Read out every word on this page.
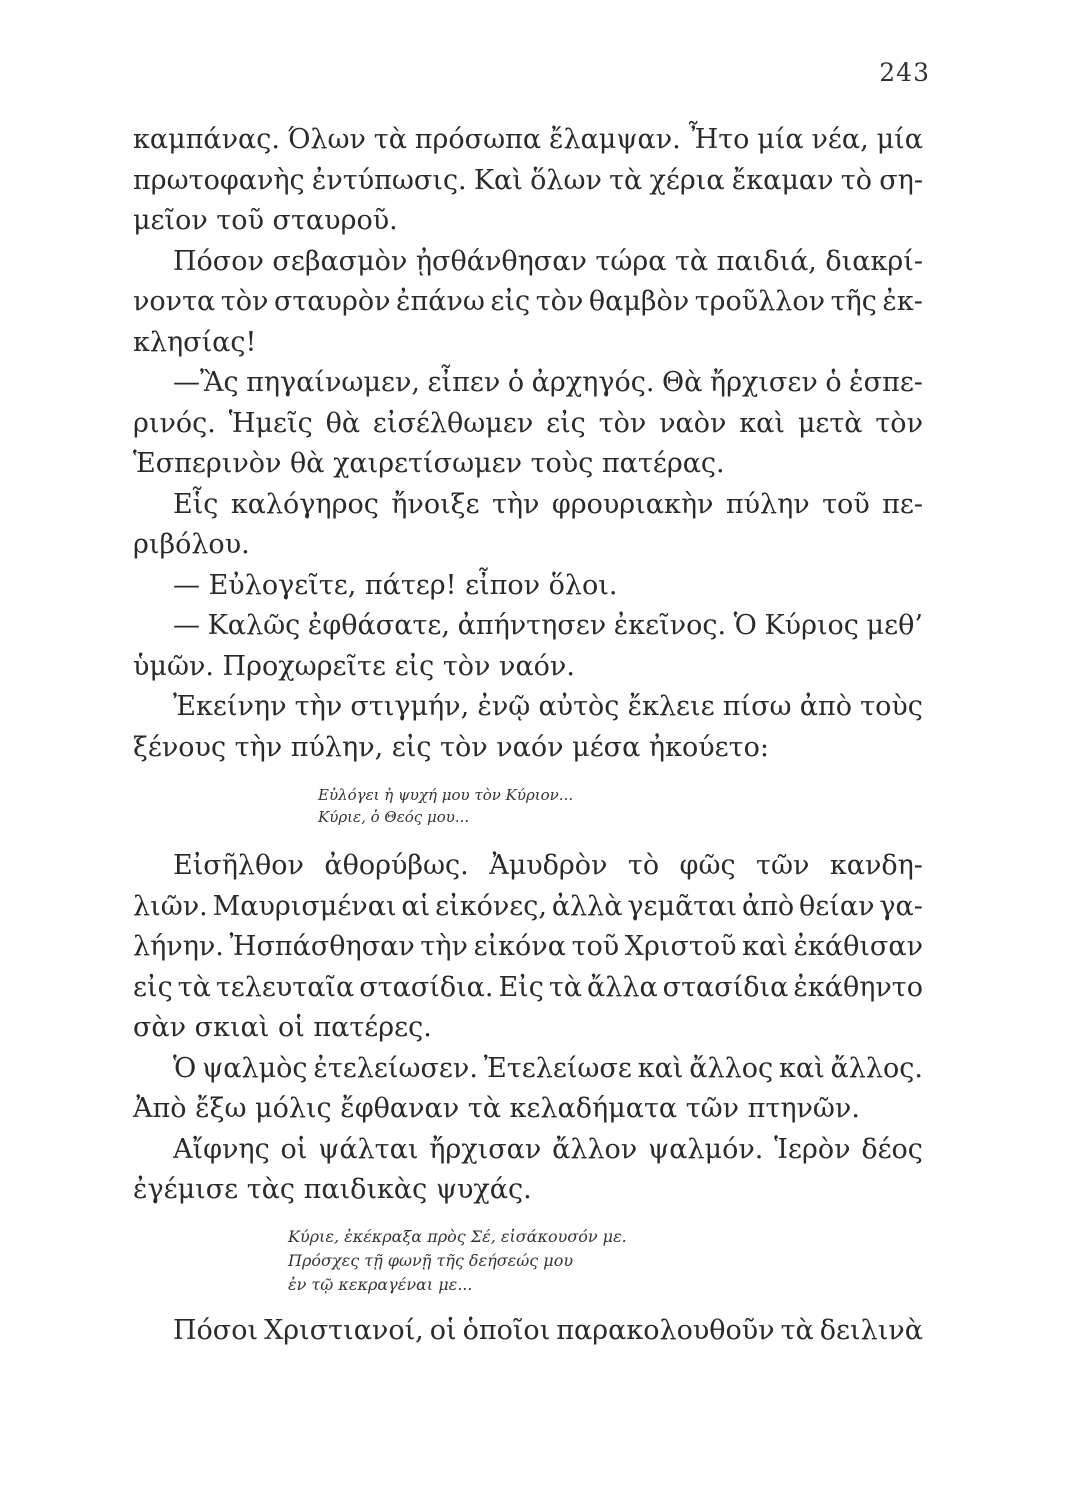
243
καμπάνας. Όλων τὰ πρόσωπα ἔλαμψαν. Ἦτο μία νέα, μία
πρωτοφανὴς ἐντύπωσις. Καὶ ὅλων τὰ χέρια ἔκαμαν τὸ ση-
μεῖον τοῦ σταυροῦ.
Πόσον σεβασμὸν ᾐσθάνθησαν τώρα τὰ παιδιά, διακρί-
νοντα τὸν σταυρὸν ἐπάνω εἰς τὸν θαμβὸν τροῦλλον τῆς ἐκ-
κλησίας!
—Ἂς πηγαίνωμεν, εἶπεν ὁ ἀρχηγός. Θὰ ἤρχισεν ὁ ἑσπε-
ρινός. Ἡμεῖς θὰ εἰσέλθωμεν εἰς τὸν ναὸν καὶ μετὰ τὸν
Ἑσπερινὸν θὰ χαιρετίσωμεν τοὺς πατέρας.
Εἷς καλόγηρος ἤνοιξε τὴν φρουριακὴν πύλην τοῦ πε-
ριβόλου.
— Εὐλογεῖτε, πάτερ! εἶπον ὅλοι.
— Καλῶς ἐφθάσατε, ἀπήντησεν ἐκεῖνος. Ὁ Κύριος μεθ’
ὑμῶν. Προχωρεῖτε εἰς τὸν ναόν.
Ἐκείνην τὴν στιγμήν, ἐνῷ αὐτὸς ἔκλειε πίσω ἀπὸ τοὺς
ξένους τὴν πύλην, εἰς τὸν ναόν μέσα ἠκούετο:
Εὐλόγει ἡ ψυχή μου τὸν Κύριον...
Κύριε, ὁ Θεός μου...
Εἰσῆλθον ἀθορύβως. Ἀμυδρὸν τὸ φῶς τῶν κανδη-
λιῶν. Μαυρισμέναι αἱ εἰκόνες, ἀλλὰ γεμᾶται ἀπὸ θείαν γα-
λήνην. Ἠσπάσθησαν τὴν εἰκόνα τοῦ Χριστοῦ καὶ ἐκάθισαν
εἰς τὰ τελευταῖα στασίδια. Εἰς τὰ ἄλλα στασίδια ἐκάθηντο
σὰν σκιαὶ οἱ πατέρες.
Ὁ ψαλμὸς ἐτελείωσεν. Ἐτελείωσε καὶ ἄλλος καὶ ἄλλος.
Ἀπὸ ἔξω μόλις ἔφθαναν τὰ κελαδήματα τῶν πτηνῶν.
Αἴφνης οἱ ψάλται ἤρχισαν ἄλλον ψαλμόν. Ἱερὸν δέος
ἐγέμισε τὰς παιδικὰς ψυχάς.
Κύριε, ἐκέκραξα πρὸς Σέ, εἰσάκουσόν με.
Πρόσχες τῇ φωνῇ τῆς δεήσεώς μου
ἐν τῷ κεκραγέναι με...
Πόσοι Χριστιανοί, οἱ ὁποῖοι παρακολουθοῦν τὰ δειλινὰ
